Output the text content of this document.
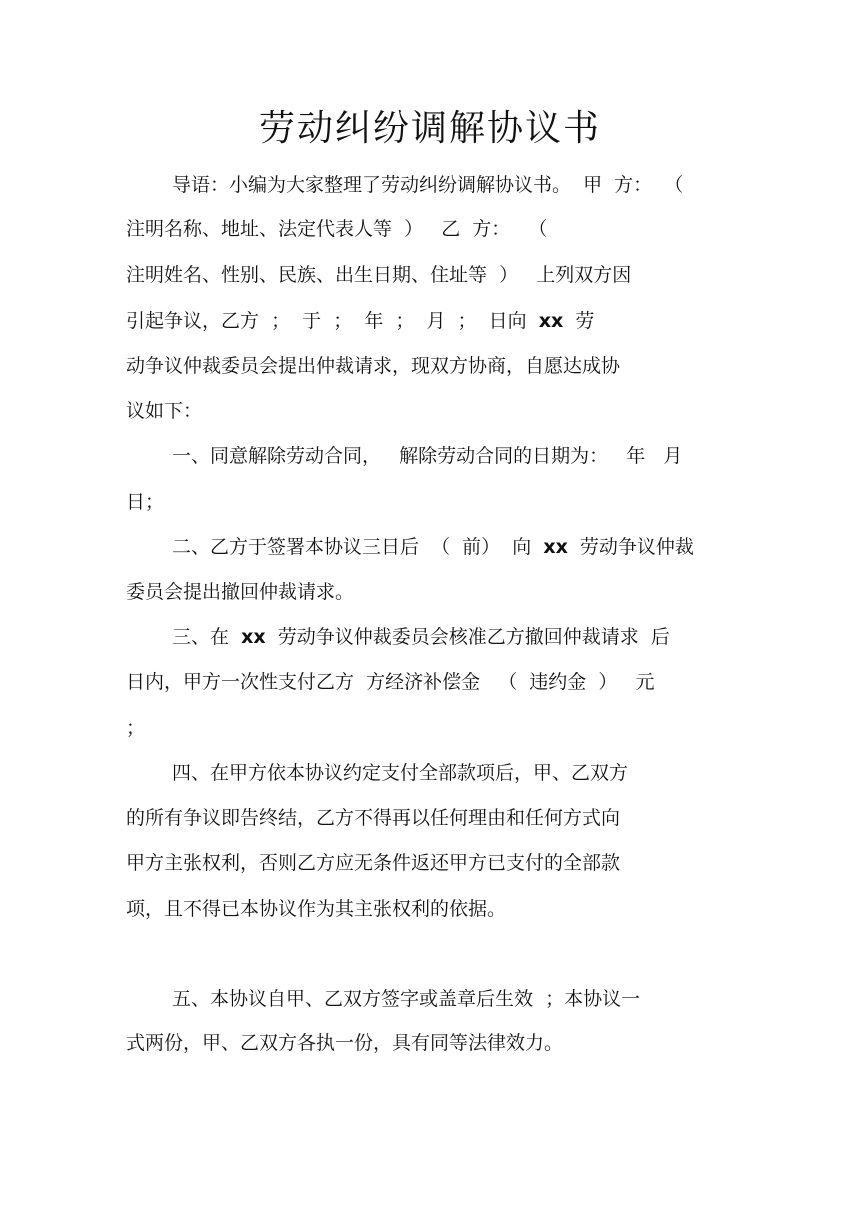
劳动纠纷调解协议书

导语：小编为大家整理了劳动纠纷调解协议书。  甲  方：  （

注明名称、地址、法定代表人等  ）   乙  方：   （

注明姓名、性别、民族、出生日期、住址等  ）   上列双方因

引起争议，乙方  ；  于  ；  年  ；  月  ；  日向  xx  劳

动争议仲裁委员会提出仲裁请求，现双方协商，自愿达成协

议如下：

一、同意解除劳动合同，   解除劳动合同的日期为：   年   月

日；

二、乙方于签署本协议三日后  （  前）  向  xx  劳动争议仲裁

委员会提出撤回仲裁请求。

三、在  xx  劳动争议仲裁委员会核准乙方撤回仲裁请求  后

日内，甲方一次性支付乙方  方经济补偿金   （  违约金  ）   元

；

四、在甲方依本协议约定支付全部款项后，甲、乙双方

的所有争议即告终结，乙方不得再以任何理由和任何方式向

甲方主张权利，否则乙方应无条件返还甲方已支付的全部款

项，且不得已本协议作为其主张权利的依据。

五、本协议自甲、乙双方签字或盖章后生效  ；本协议一

式两份，甲、乙双方各执一份，具有同等法律效力。
